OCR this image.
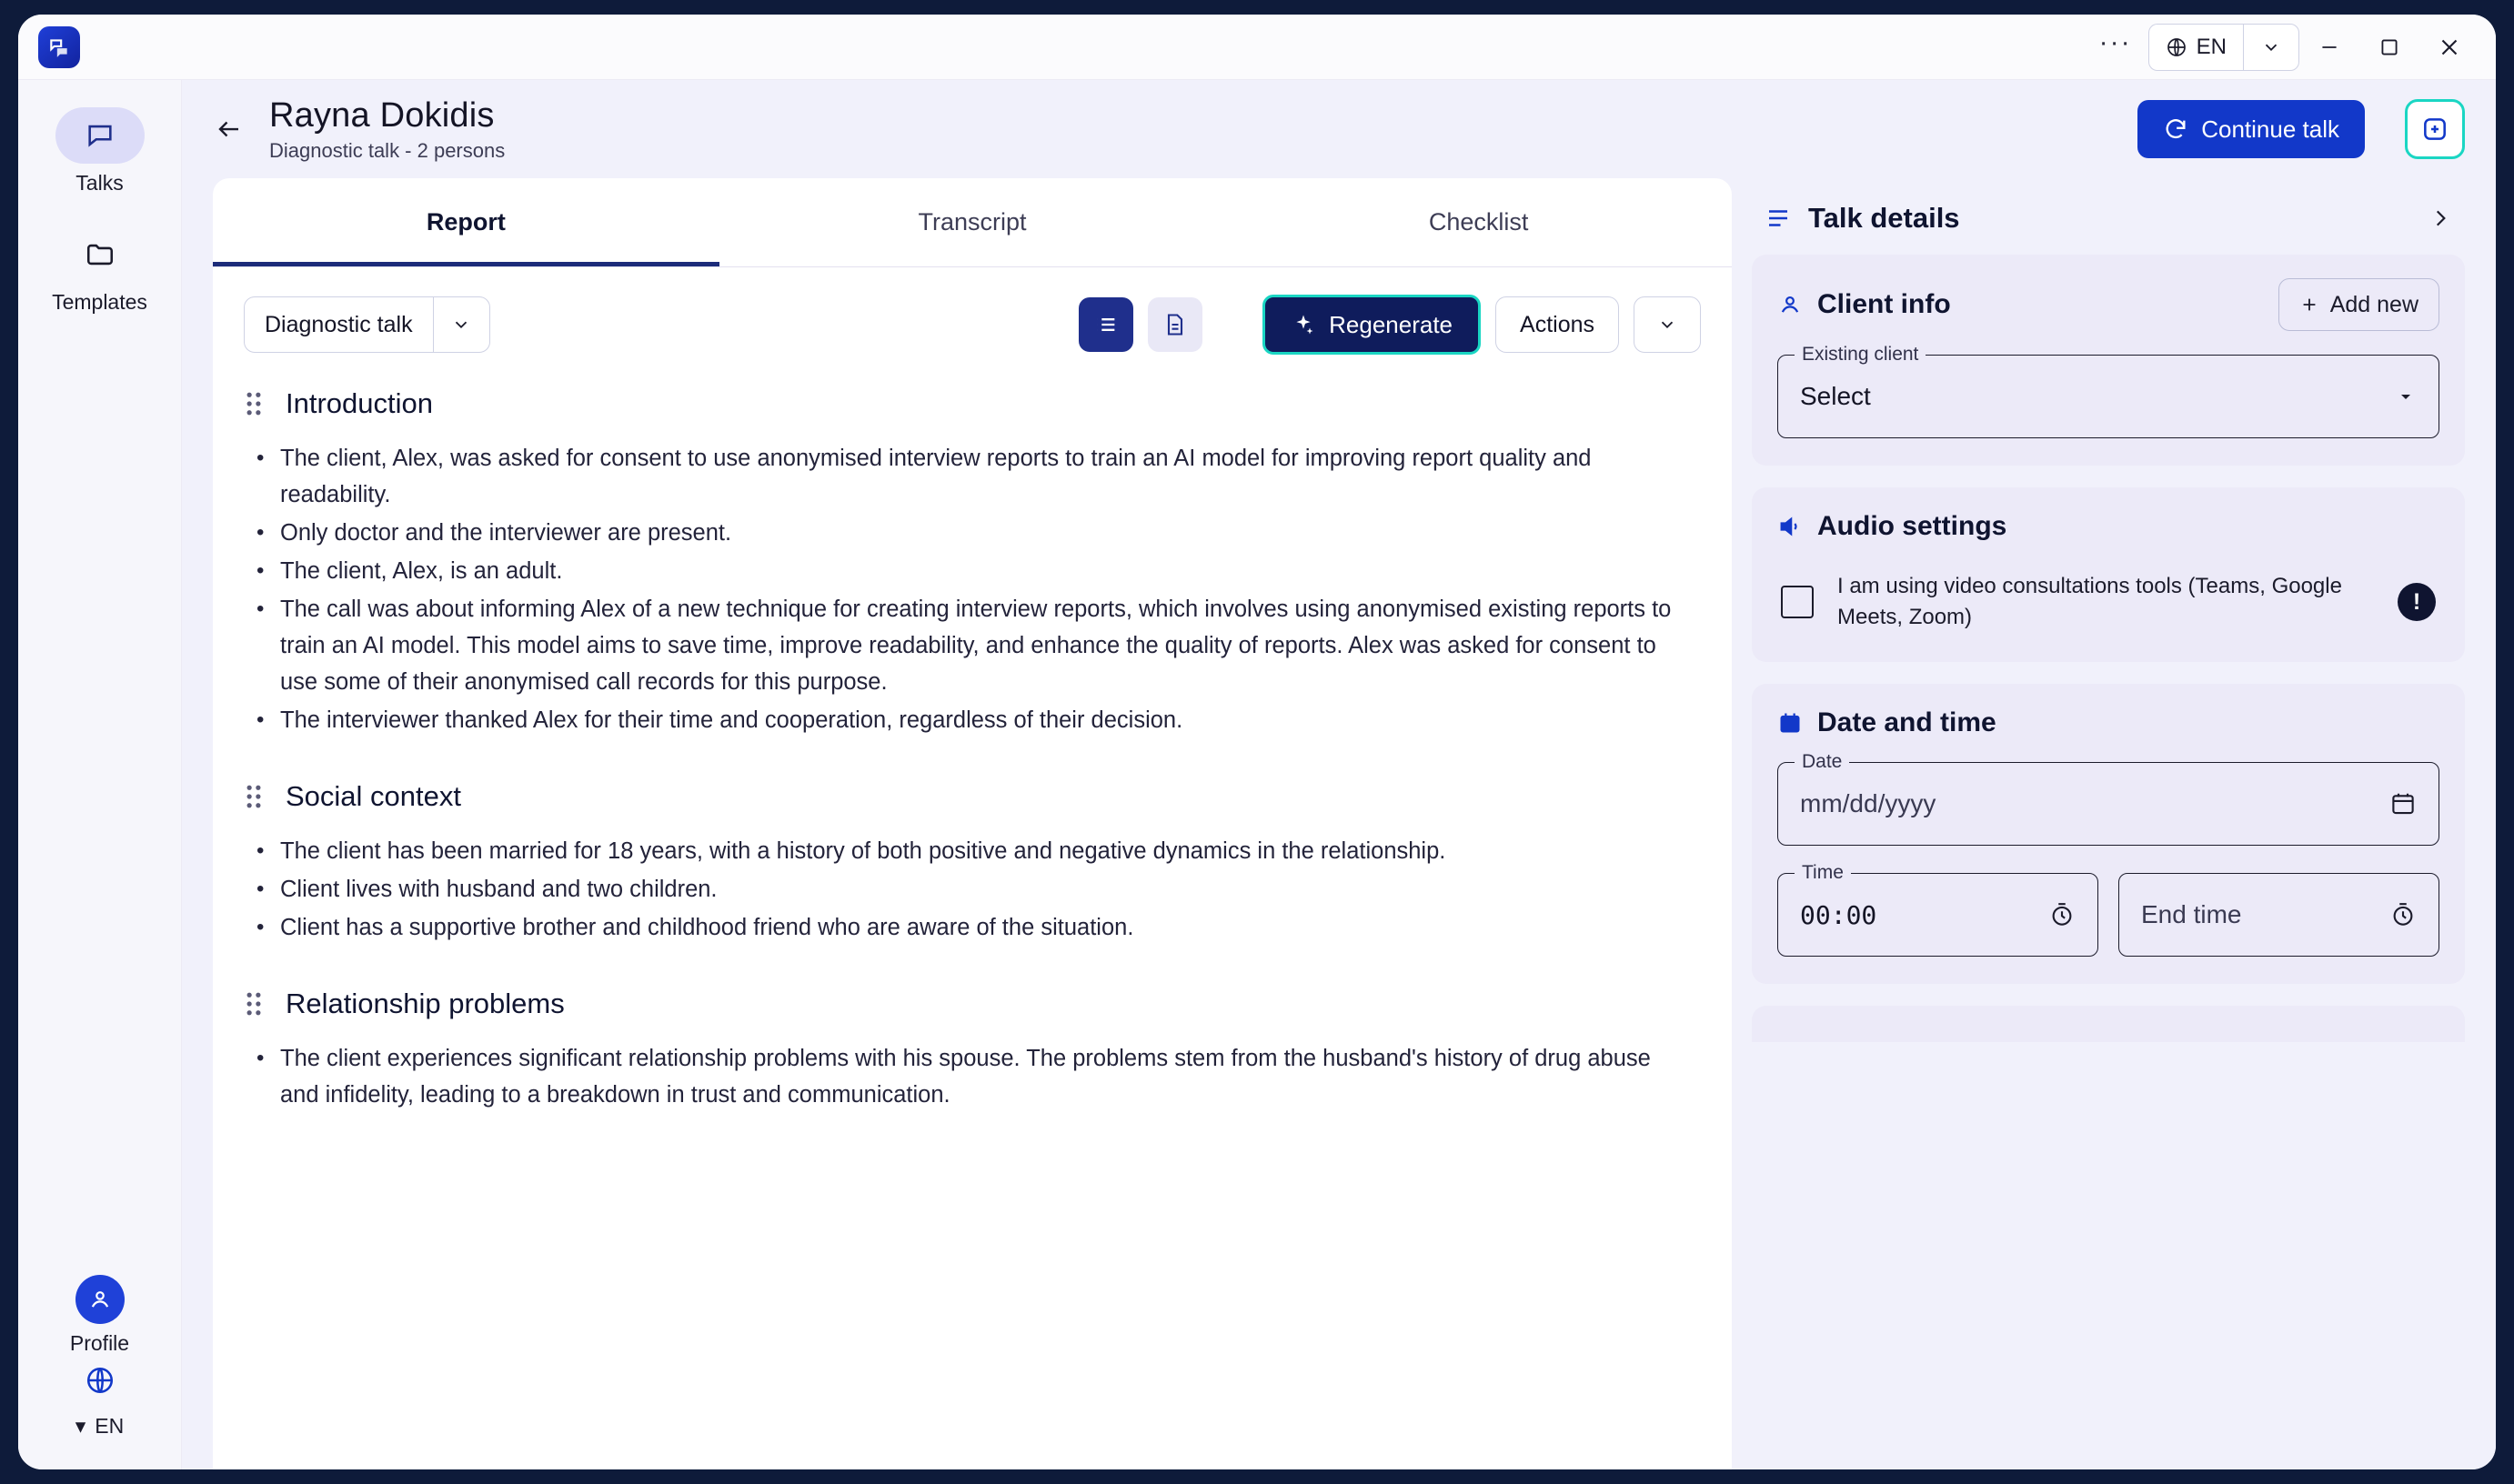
···	EN
Talks
Templates
Profile
▾ EN
Rayna Dokidis
Diagnostic talk - 2 persons
Continue talk
Report	Transcript	Checklist
Diagnostic talk	Regenerate	Actions
Introduction
• The client, Alex, was asked for consent to use anonymised interview reports to train an AI model for improving report quality and readability.
• Only doctor and the interviewer are present.
• The client, Alex, is an adult.
• The call was about informing Alex of a new technique for creating interview reports, which involves using anonymised existing reports to train an AI model. This model aims to save time, improve readability, and enhance the quality of reports. Alex was asked for consent to use some of their anonymised call records for this purpose.
• The interviewer thanked Alex for their time and cooperation, regardless of their decision.
Social context
• The client has been married for 18 years, with a history of both positive and negative dynamics in the relationship.
• Client lives with husband and two children.
• Client has a supportive brother and childhood friend who are aware of the situation.
Relationship problems
• The client experiences significant relationship problems with his spouse. The problems stem from the husband's history of drug abuse and infidelity, leading to a breakdown in trust and communication.
Talk details
Client info	Add new
Existing client
Select
Audio settings
I am using video consultations tools (Teams, Google Meets, Zoom)
!
Date and time
Date
mm/dd/yyyy
Time
00:00	End time
